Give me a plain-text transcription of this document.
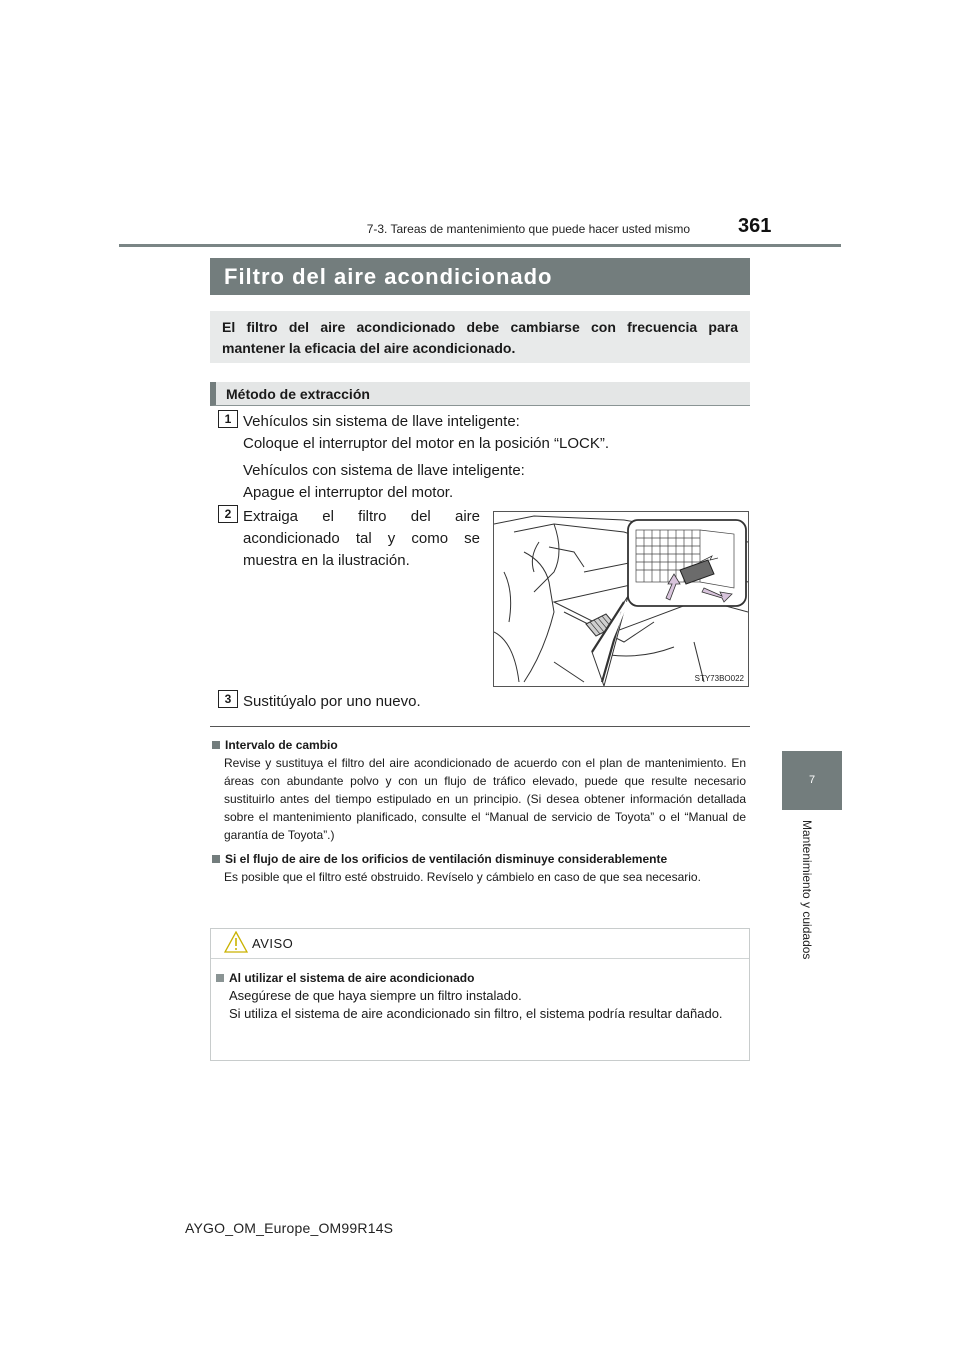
7-3. Tareas de mantenimiento que puede hacer usted mismo 361
Filtro del aire acondicionado
El filtro del aire acondicionado debe cambiarse con frecuencia para mantener la eficacia del aire acondicionado.
Método de extracción
1 Vehículos sin sistema de llave inteligente:
Coloque el interruptor del motor en la posición “LOCK”.
Vehículos con sistema de llave inteligente:
Apague el interruptor del motor.
2 Extraiga el filtro del aire
acondicionado tal y como se
muestra en la ilustración.
STY73BO022
3 Sustitúyalo por uno nuevo.
Intervalo de cambio
Revise y sustituya el filtro del aire acondicionado de acuerdo con el plan de mantenimiento. En áreas con abundante polvo y con un flujo de tráfico elevado, puede que resulte necesario sustituirlo antes del tiempo estipulado en un principio. (Si desea obtener información detallada sobre el mantenimiento planificado, consulte el “Manual de servicio de Toyota” o el “Manual de garantía de Toyota”.)
Si el flujo de aire de los orificios de ventilación disminuye considerablemente
Es posible que el filtro esté obstruido. Revíselo y cámbielo en caso de que sea necesario.
AVISO
Al utilizar el sistema de aire acondicionado
Asegúrese de que haya siempre un filtro instalado.
Si utiliza el sistema de aire acondicionado sin filtro, el sistema podría resultar dañado.
7
Mantenimiento y cuidados
AYGO_OM_Europe_OM99R14S
